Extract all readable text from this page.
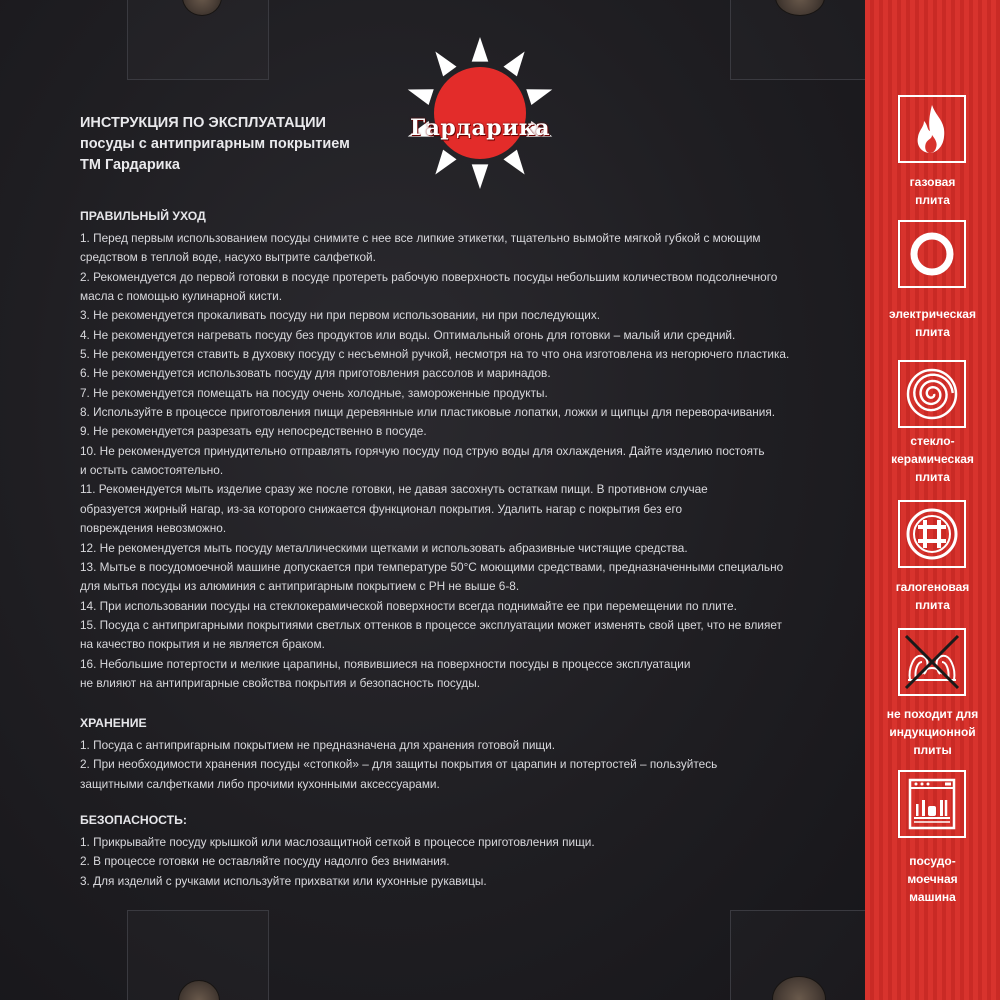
Гардарика
ИНСТРУКЦИЯ ПО ЭКСПЛУАТАЦИИ
посуды с антипригарным покрытием
ТМ Гардарика
ПРАВИЛЬНЫЙ УХОД
1. Перед первым использованием посуды снимите с нее все липкие этикетки, тщательно вымойте мягкой губкой с моющим
средством в теплой воде, насухо вытрите салфеткой.
2. Рекомендуется до первой готовки в посуде протереть рабочую поверхность посуды небольшим количеством подсолнечного
масла с помощью кулинарной кисти.
3. Не рекомендуется прокаливать посуду ни при первом использовании, ни при последующих.
4. Не рекомендуется нагревать посуду без продуктов или воды. Оптимальный огонь для готовки – малый или средний.
5. Не рекомендуется ставить в духовку посуду с несъемной ручкой, несмотря на то что она изготовлена из негорючего пластика.
6. Не рекомендуется использовать посуду для приготовления рассолов и маринадов.
7. Не рекомендуется помещать на посуду очень холодные, замороженные продукты.
8. Используйте в процессе приготовления пищи деревянные или пластиковые лопатки, ложки и щипцы для переворачивания.
9. Не рекомендуется разрезать еду непосредственно в посуде.
10. Не рекомендуется принудительно отправлять горячую посуду под струю воды для охлаждения. Дайте изделию постоять
и остыть самостоятельно.
11. Рекомендуется мыть изделие сразу же после готовки, не давая засохнуть остаткам пищи. В противном случае
образуется жирный нагар, из-за которого снижается функционал покрытия. Удалить нагар с покрытия без его
повреждения невозможно.
12. Не рекомендуется мыть посуду металлическими щетками и использовать абразивные чистящие средства.
13. Мытье в посудомоечной машине допускается при температуре 50°С моющими средствами, предназначенными специально
для мытья посуды из алюминия с антипригарным покрытием с PH не выше 6-8.
14. При использовании посуды на стеклокерамической поверхности всегда поднимайте ее при перемещении по плите.
15. Посуда с антипригарными покрытиями светлых оттенков в процессе эксплуатации может изменять свой цвет, что не влияет
на качество покрытия и не является браком.
16. Небольшие потертости и мелкие царапины, появившиеся на поверхности посуды в процессе эксплуатации
не влияют на антипригарные свойства покрытия и безопасность посуды.
ХРАНЕНИЕ
1. Посуда с антипригарным покрытием не предназначена для хранения готовой пищи.
2. При необходимости хранения посуды «стопкой» – для защиты покрытия от царапин и потертостей – пользуйтесь
защитными салфетками либо прочими кухонными аксессуарами.
БЕЗОПАСНОСТЬ:
1. Прикрывайте посуду крышкой или маслозащитной сеткой в процессе приготовления пищи.
2. В процессе готовки не оставляйте посуду надолго без внимания.
3. Для изделий с ручками используйте прихватки или кухонные рукавицы.
газовая
плита
электрическая
плита
стекло-
керамическая
плита
галогеновая
плита
не походит для
индукционной
плиты
посудо-
моечная
машина
